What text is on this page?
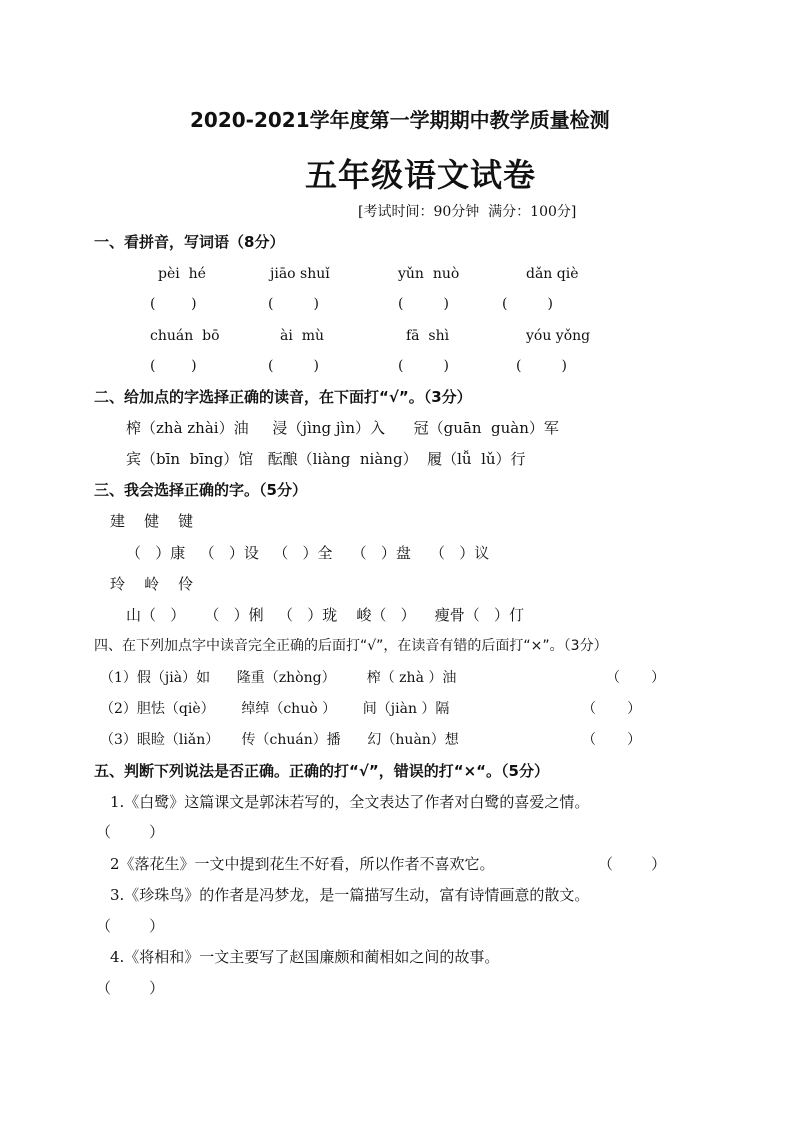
2020-2021学年度第一学期期中教学质量检测
五年级语文试卷
[考试时间：90分钟  满分：100分]
一、看拼音，写词语（8分）
pèi  hé	jiāo shuǐ	yǔn  nuò	dǎn qiè
(        )	(         )	(         )	(         )
chuán  bō	ài  mù	fā  shì	yóu yǒng
(        )	(         )	(         )	(         )
二、给加点的字选择正确的读音，在下面打“√”。（3分）
榨（zhà zhài）油     浸（jìng jìn）入      冠（guān  guàn）军
宾（bīn  bīng）馆   酝酿（liàng  niàng）  履（lǚ  lǔ）行
三、我会选择正确的字。（5分）
建    健    键
（   ）康   （   ）设   （   ）全    （   ）盘    （   ）议
玲    岭    伶
山（   ）    （   ）俐   （   ）珑    峻（   ）    瘦骨（   ）仃
四、在下列加点字中读音完全正确的后面打“√”，在读音有错的后面打“×”。（3分）
（1）假（jià）如      隆重（zhòng）       榨（ zhà ）油	（       ）
（2）胆怯（qiè）      绰绰（chuò ）      间（jiàn ）隔	（       ）
（3）眼睑（liǎn）     传（chuán）播      幻（huàn）想	（       ）
五、判断下列说法是否正确。正确的打“√”，错误的打“×“。（5分）
1.《白鹭》这篇课文是郭沫若写的，全文表达了作者对白鹭的喜爱之情。
（        ）
2《落花生》一文中提到花生不好看，所以作者不喜欢它。	（        ）
3.《珍珠鸟》的作者是冯梦龙，是一篇描写生动，富有诗情画意的散文。
（        ）
4.《将相和》一文主要写了赵国廉颇和蔺相如之间的故事。
（        ）
